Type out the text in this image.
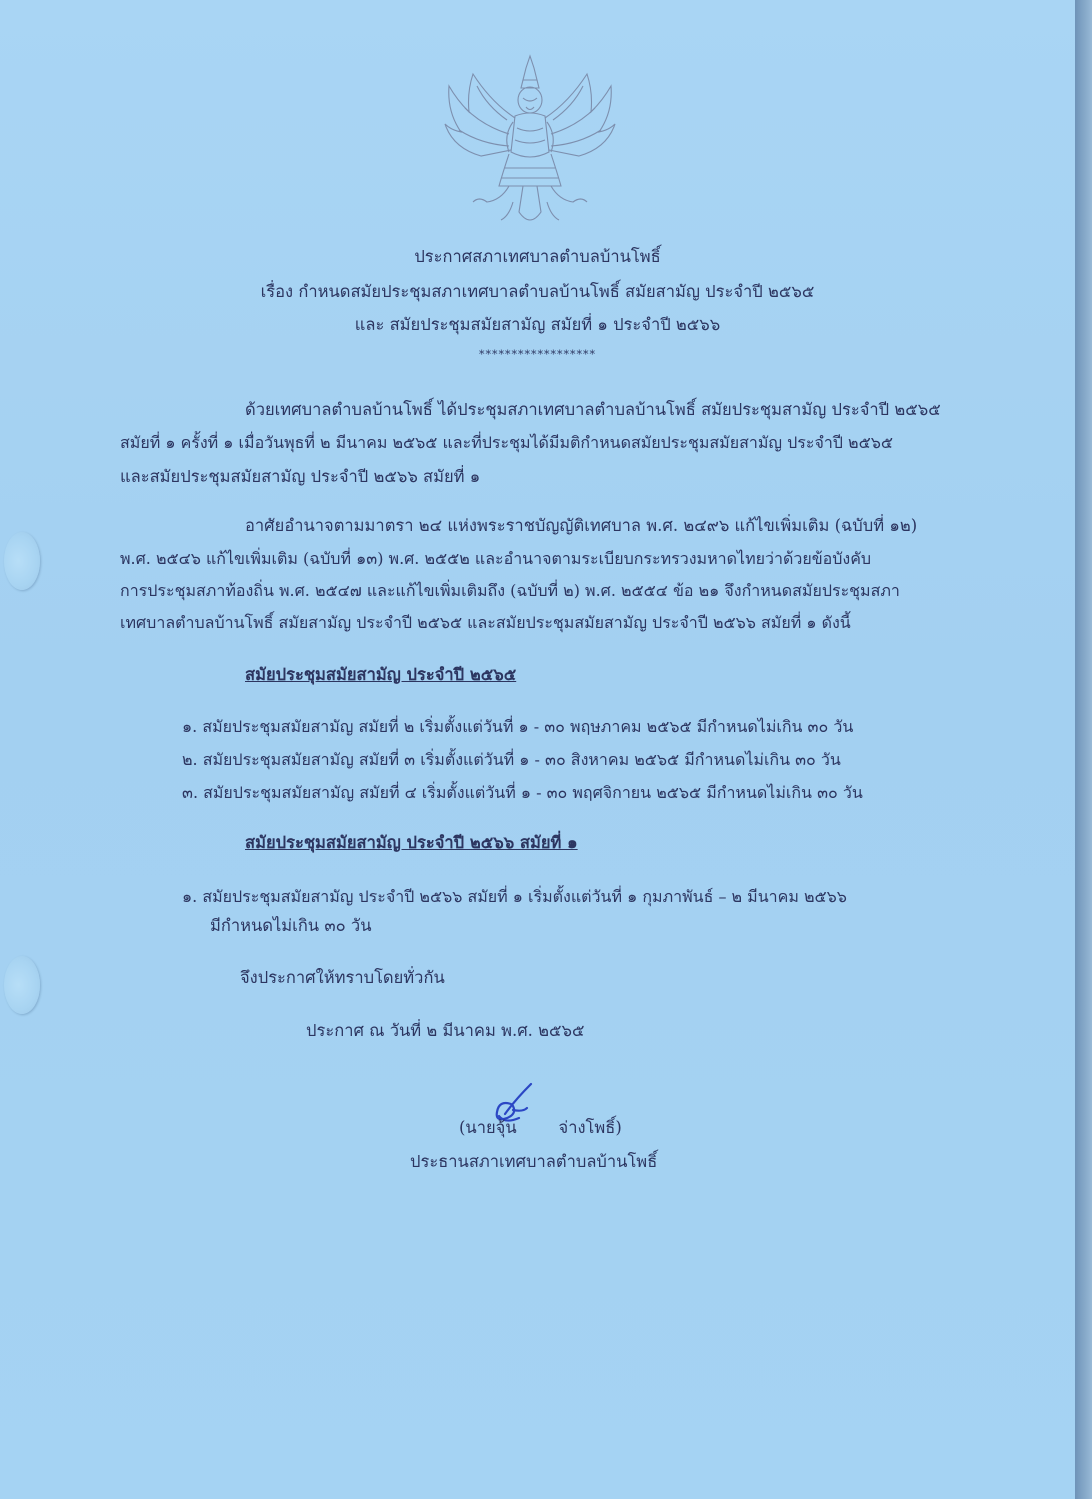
ประกาศสภาเทศบาลตำบลบ้านโพธิ์

เรื่อง กำหนดสมัยประชุมสภาเทศบาลตำบลบ้านโพธิ์ สมัยสามัญ ประจำปี ๒๕๖๕

และ สมัยประชุมสมัยสามัญ สมัยที่ ๑ ประจำปี ๒๕๖๖

******************

ด้วยเทศบาลตำบลบ้านโพธิ์ ได้ประชุมสภาเทศบาลตำบลบ้านโพธิ์ สมัยประชุมสามัญ ประจำปี ๒๕๖๕

สมัยที่ ๑ ครั้งที่ ๑ เมื่อวันพุธที่ ๒ มีนาคม ๒๕๖๕ และที่ประชุมได้มีมติกำหนดสมัยประชุมสมัยสามัญ ประจำปี ๒๕๖๕

และสมัยประชุมสมัยสามัญ ประจำปี ๒๕๖๖ สมัยที่ ๑

อาศัยอำนาจตามมาตรา ๒๔ แห่งพระราชบัญญัติเทศบาล พ.ศ. ๒๔๙๖ แก้ไขเพิ่มเติม (ฉบับที่ ๑๒)

พ.ศ. ๒๕๔๖ แก้ไขเพิ่มเติม (ฉบับที่ ๑๓) พ.ศ. ๒๕๕๒ และอำนาจตามระเบียบกระทรวงมหาดไทยว่าด้วยข้อบังคับ

การประชุมสภาท้องถิ่น พ.ศ. ๒๕๔๗ และแก้ไขเพิ่มเติมถึง (ฉบับที่ ๒) พ.ศ. ๒๕๕๔ ข้อ ๒๑ จึงกำหนดสมัยประชุมสภา

เทศบาลตำบลบ้านโพธิ์ สมัยสามัญ ประจำปี ๒๕๖๕ และสมัยประชุมสมัยสามัญ ประจำปี ๒๕๖๖ สมัยที่ ๑ ดังนี้

สมัยประชุมสมัยสามัญ ประจำปี ๒๕๖๕

๑. สมัยประชุมสมัยสามัญ สมัยที่ ๒ เริ่มตั้งแต่วันที่ ๑ - ๓๐ พฤษภาคม ๒๕๖๕ มีกำหนดไม่เกิน ๓๐ วัน

๒. สมัยประชุมสมัยสามัญ สมัยที่ ๓ เริ่มตั้งแต่วันที่ ๑ - ๓๐ สิงหาคม ๒๕๖๕ มีกำหนดไม่เกิน ๓๐ วัน

๓. สมัยประชุมสมัยสามัญ สมัยที่ ๔ เริ่มตั้งแต่วันที่ ๑ - ๓๐ พฤศจิกายน ๒๕๖๕ มีกำหนดไม่เกิน ๓๐ วัน

สมัยประชุมสมัยสามัญ ประจำปี ๒๕๖๖ สมัยที่ ๑

๑. สมัยประชุมสมัยสามัญ ประจำปี ๒๕๖๖ สมัยที่ ๑ เริ่มตั้งแต่วันที่ ๑ กุมภาพันธ์ – ๒ มีนาคม ๒๕๖๖

มีกำหนดไม่เกิน ๓๐ วัน

จึงประกาศให้ทราบโดยทั่วกัน

ประกาศ ณ วันที่ ๒ มีนาคม พ.ศ. ๒๕๖๕

(นายจุ้น        จ่างโพธิ์)

ประธานสภาเทศบาลตำบลบ้านโพธิ์
